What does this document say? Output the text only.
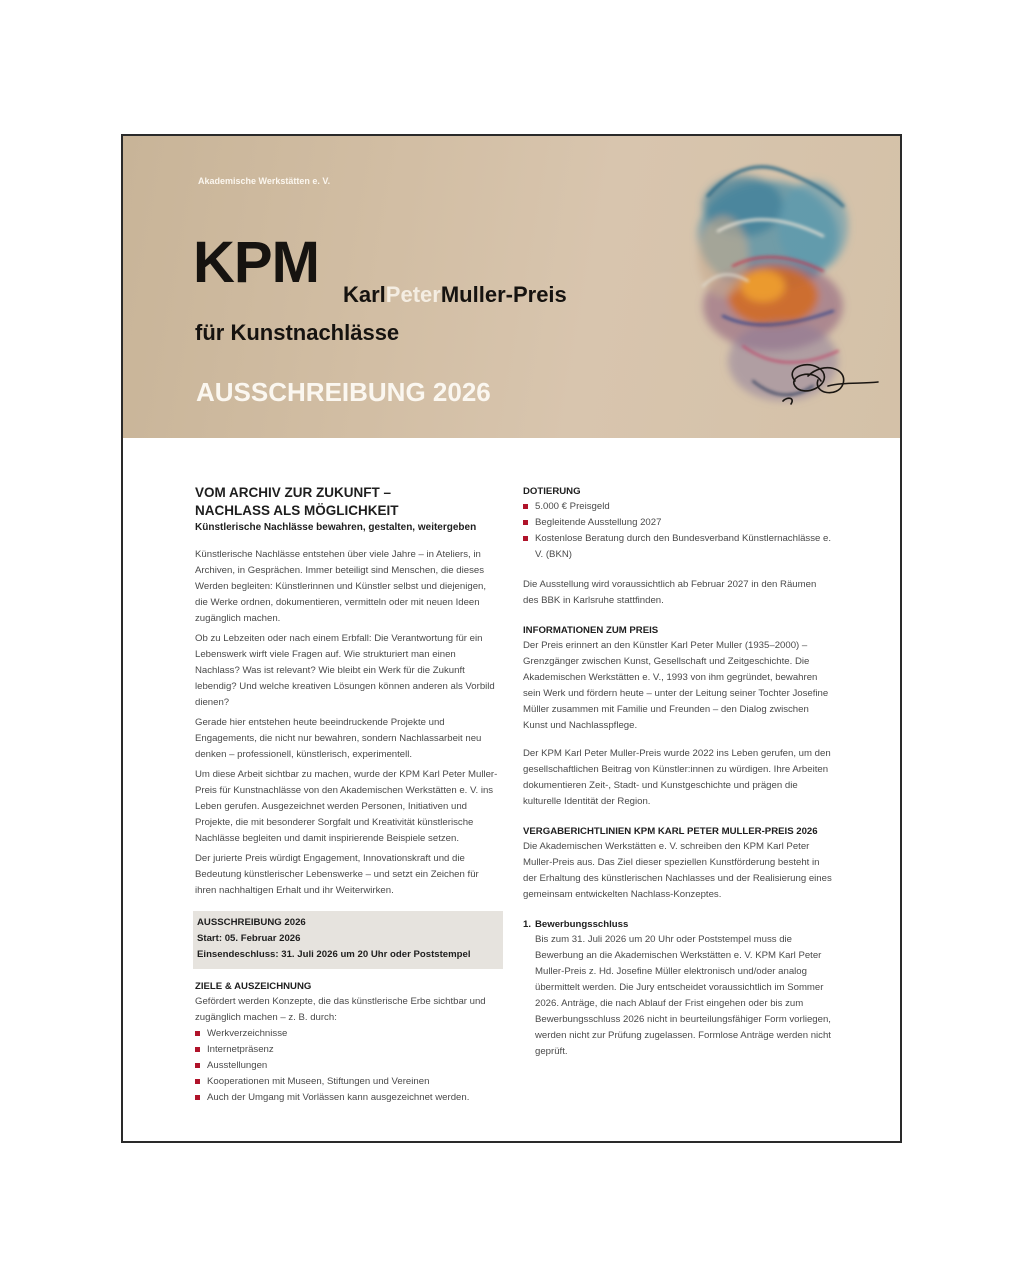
Akademische Werkstätten e. V.
KPM KarlPeterMuller-Preis
für Kunstnachlässe
AUSSCHREIBUNG 2026
VOM ARCHIV ZUR ZUKUNFT –
NACHLASS ALS MÖGLICHKEIT
Künstlerische Nachlässe bewahren, gestalten, weitergeben

Künstlerische Nachlässe entstehen über viele Jahre – in Ateliers, in Archiven, in Gesprächen. Immer beteiligt sind Menschen, die dieses Werden begleiten: Künstlerinnen und Künstler selbst und diejenigen, die Werke ordnen, dokumentieren, vermitteln oder mit neuen Ideen zugänglich machen.

Ob zu Lebzeiten oder nach einem Erbfall: Die Verantwortung für ein Lebenswerk wirft viele Fragen auf. Wie strukturiert man einen Nachlass? Was ist relevant? Wie bleibt ein Werk für die Zukunft lebendig? Und welche kreativen Lösungen können anderen als Vorbild dienen?

Gerade hier entstehen heute beeindruckende Projekte und Engagements, die nicht nur bewahren, sondern Nachlassarbeit neu denken – professionell, künstlerisch, experimentell.

Um diese Arbeit sichtbar zu machen, wurde der KPM Karl Peter Muller-Preis für Kunstnachlässe von den Akademischen Werkstätten e. V. ins Leben gerufen. Ausgezeichnet werden Personen, Initiativen und Projekte, die mit besonderer Sorgfalt und Kreativität künstlerische Nachlässe begleiten und damit inspirierende Beispiele setzen.

Der jurierte Preis würdigt Engagement, Innovationskraft und die Bedeutung künstlerischer Lebenswerke – und setzt ein Zeichen für ihren nachhaltigen Erhalt und ihr Weiterwirken.

AUSSCHREIBUNG 2026
Start: 05. Februar 2026
Einsendeschluss: 31. Juli 2026 um 20 Uhr oder Poststempel
ZIELE & AUSZEICHNUNG

Gefördert werden Konzepte, die das künstlerische Erbe sichtbar und zugänglich machen – z. B. durch:

Werkverzeichnisse
Internetpräsenz
Ausstellungen
Kooperationen mit Museen, Stiftungen und Vereinen
Auch der Umgang mit Vorlässen kann ausgezeichnet werden.
DOTIERUNG
5.000 € Preisgeld
Begleitende Ausstellung 2027
Kostenlose Beratung durch den Bundesverband Künstlernachlässe e. V. (BKN)

Die Ausstellung wird voraussichtlich ab Februar 2027 in den Räumen des BBK in Karlsruhe stattfinden.

INFORMATIONEN ZUM PREIS

Der Preis erinnert an den Künstler Karl Peter Muller (1935–2000) – Grenzgänger zwischen Kunst, Gesellschaft und Zeitgeschichte. Die Akademischen Werkstätten e. V., 1993 von ihm gegründet, bewahren sein Werk und fördern heute – unter der Leitung seiner Tochter Josefine Müller zusammen mit Familie und Freunden – den Dialog zwischen Kunst und Nachlasspflege.

Der KPM Karl Peter Muller-Preis wurde 2022 ins Leben gerufen, um den gesellschaftlichen Beitrag von Künstler:innen zu würdigen. Ihre Arbeiten dokumentieren Zeit-, Stadt- und Kunstgeschichte und prägen die kulturelle Identität der Region.

VERGABERICHTLINIEN KPM KARL PETER MULLER-PREIS 2026

Die Akademischen Werkstätten e. V. schreiben den KPM Karl Peter Muller-Preis aus. Das Ziel dieser speziellen Kunstförderung besteht in der Erhaltung des künstlerischen Nachlasses und der Realisierung eines gemeinsam entwickelten Nachlass-Konzeptes.

1. Bewerbungsschluss

Bis zum 31. Juli 2026 um 20 Uhr oder Poststempel muss die Bewerbung an die Akademischen Werkstätten e. V. KPM Karl Peter Muller-Preis z. Hd. Josefine Müller elektronisch und/oder analog übermittelt werden. Die Jury entscheidet voraussichtlich im Sommer 2026. Anträge, die nach Ablauf der Frist eingehen oder bis zum Bewerbungsschluss 2026 nicht in beurteilungsfähiger Form vorliegen, werden nicht zur Prüfung zugelassen. Formlose Anträge werden nicht geprüft.
